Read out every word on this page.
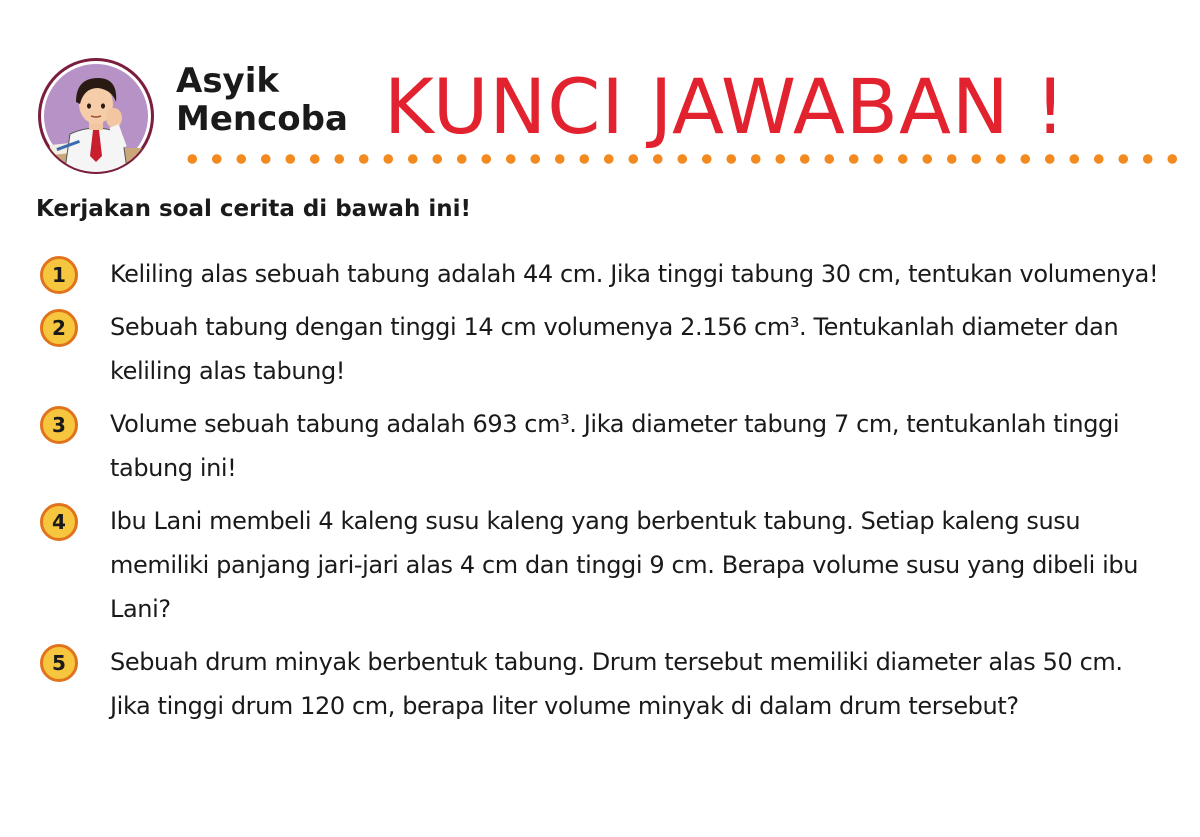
Asyik
Mencoba KUNCI JAWABAN !
Kerjakan soal cerita di bawah ini!
1	Keliling alas sebuah tabung adalah 44 cm. Jika tinggi tabung 30 cm, tentukan volumenya!

2	Sebuah tabung dengan tinggi 14 cm volumenya 2.156 cm³. Tentukanlah diameter dan keliling alas tabung!

3	Volume sebuah tabung adalah 693 cm³. Jika diameter tabung 7 cm, tentukanlah tinggi tabung ini!

4	Ibu Lani membeli 4 kaleng susu kaleng yang berbentuk tabung. Setiap kaleng susu memiliki panjang jari-jari alas 4 cm dan tinggi 9 cm. Berapa volume susu yang dibeli ibu Lani?

5	Sebuah drum minyak berbentuk tabung. Drum tersebut memiliki diameter alas 50 cm. Jika tinggi drum 120 cm, berapa liter volume minyak di dalam drum tersebut?
